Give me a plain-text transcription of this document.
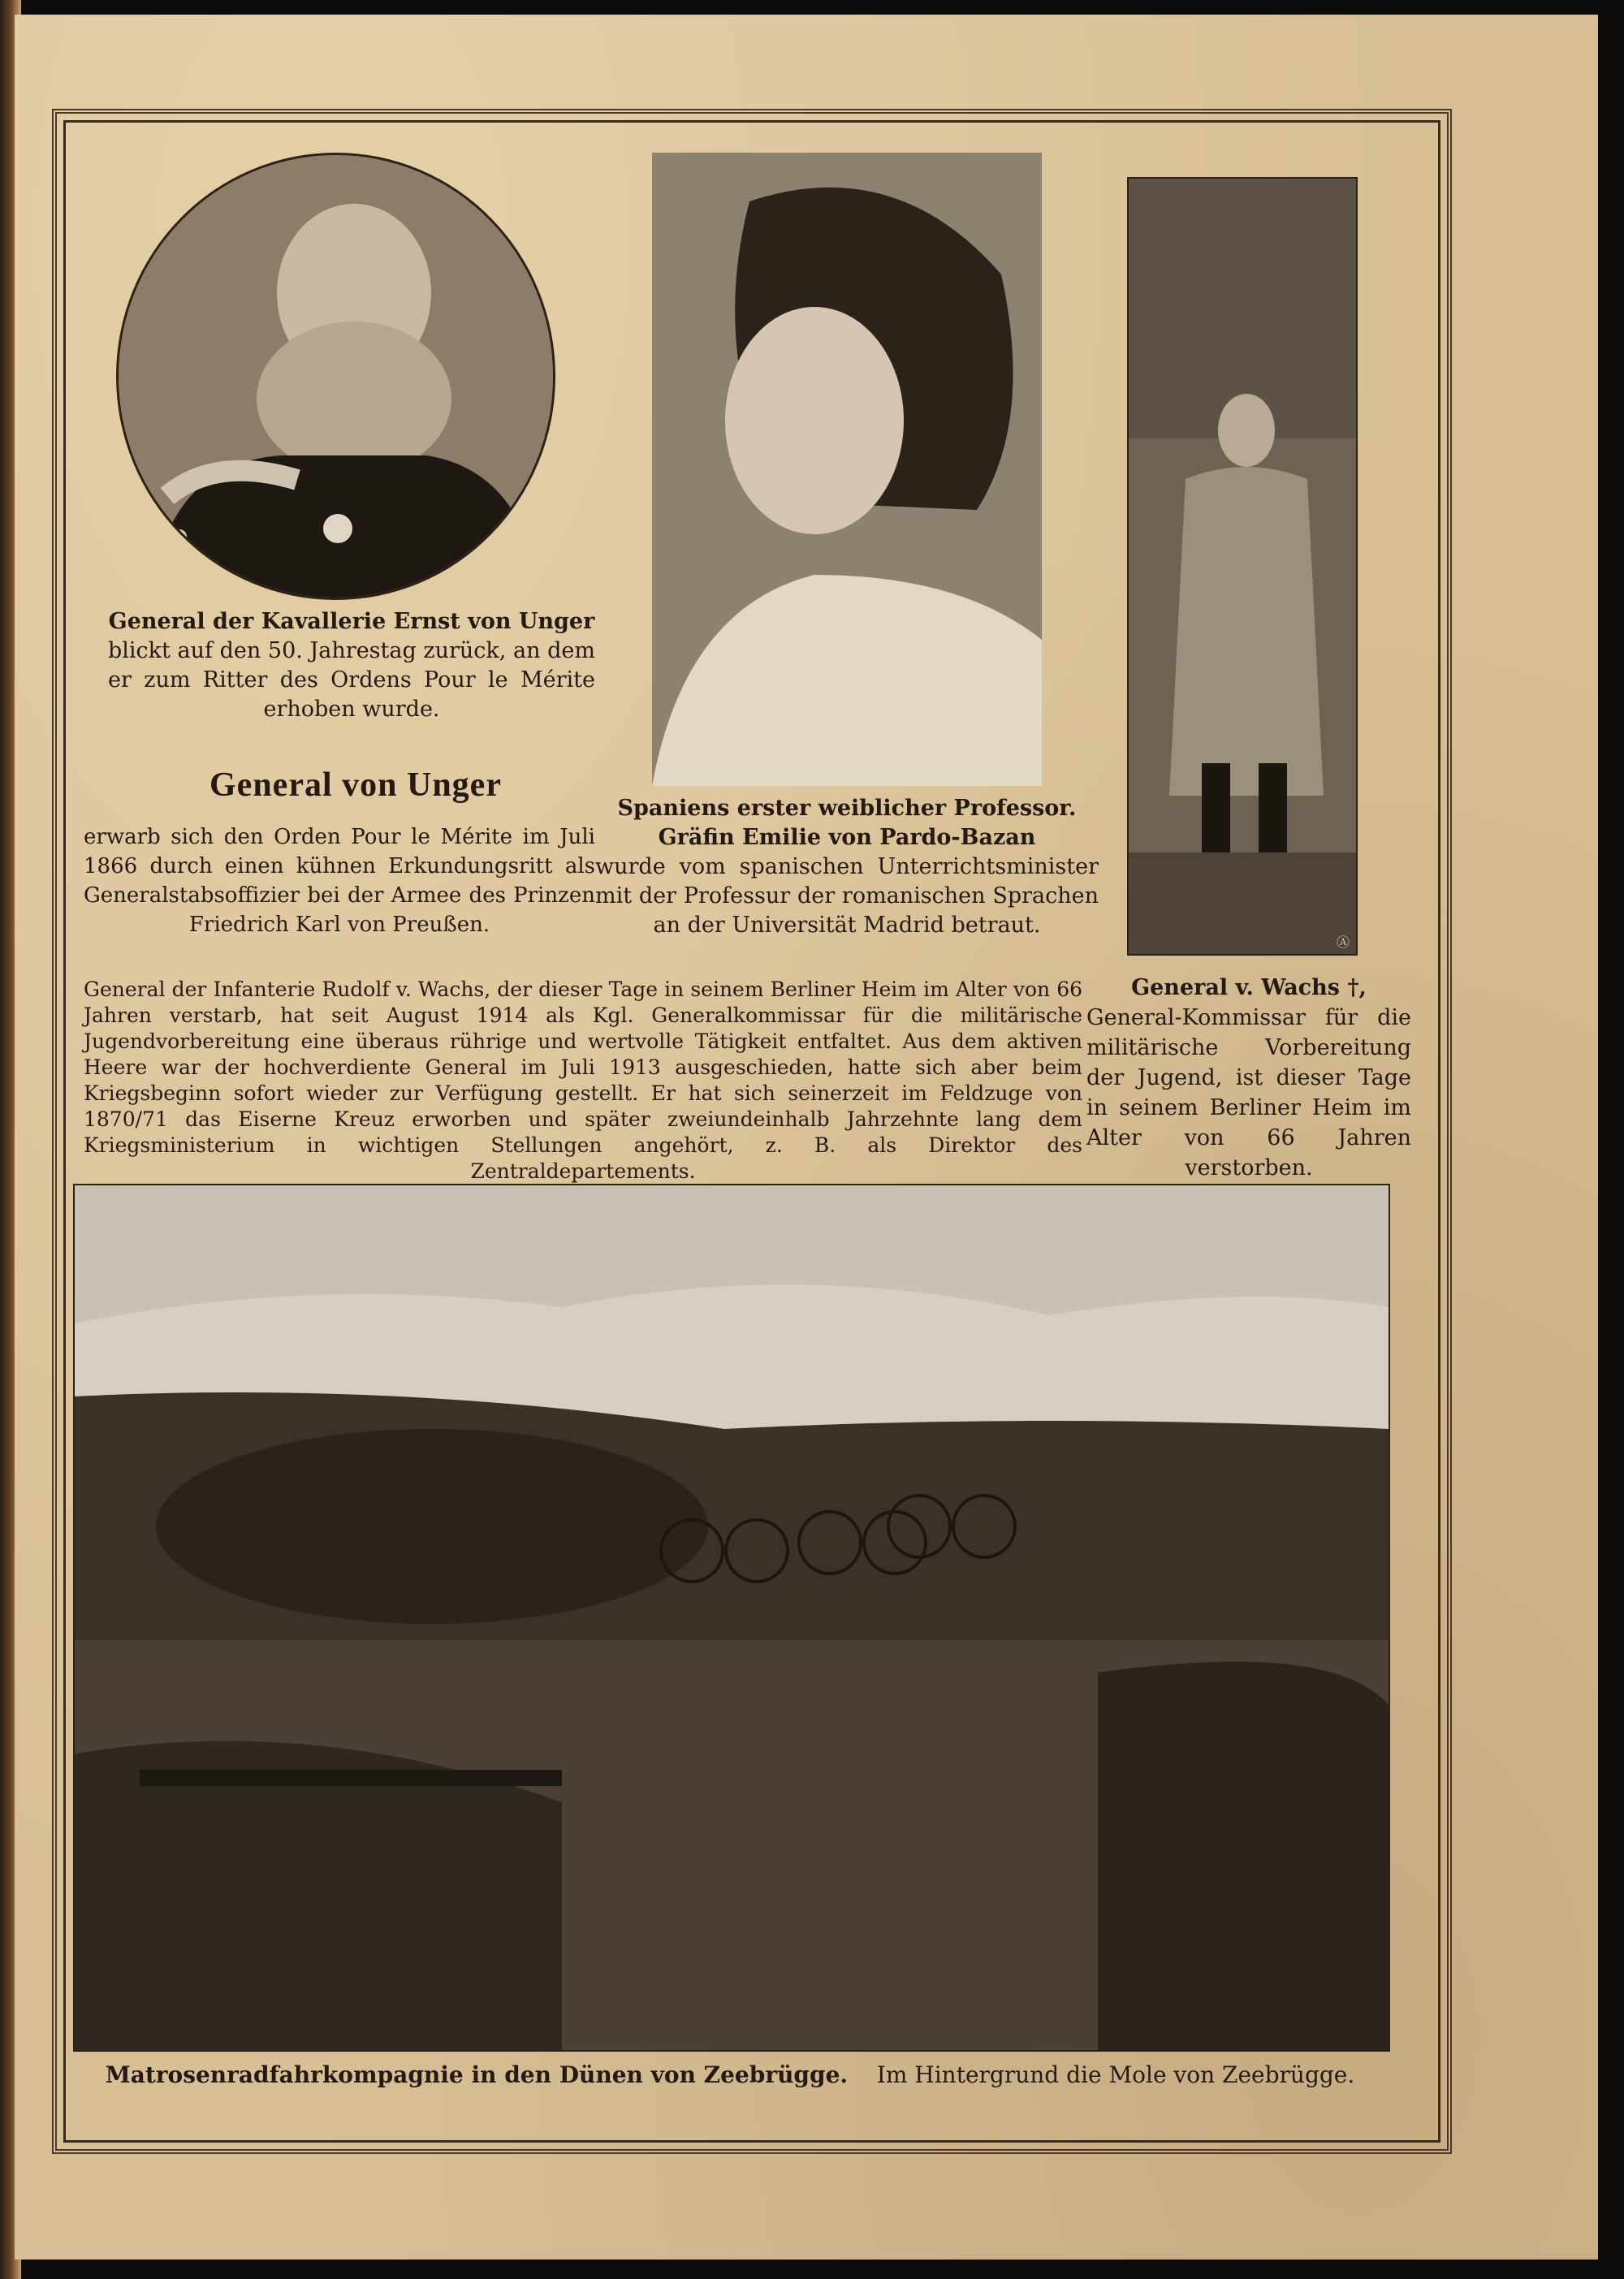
General der Kavallerie Ernst von Unger
blickt auf den 50. Jahrestag zurück, an dem er zum Ritter des Ordens Pour le Mérite erhoben wurde.
General von Unger
erwarb sich den Orden Pour le Mérite im Juli 1866 durch einen kühnen Erkundungsritt als Generalstabsoffizier bei der Armee des Prinzen Friedrich Karl von Preußen.
Spaniens erster weiblicher Professor.
Gräfin Emilie von Pardo-Bazan
wurde vom spanischen Unterrichtsminister mit der Professur der romanischen Sprachen an der Universität Madrid betraut.
Ⓐ
General der Infanterie Rudolf v. Wachs, der dieser Tage in seinem Berliner Heim im Alter von 66 Jahren verstarb, hat seit August 1914 als Kgl. Generalkommissar für die militärische Jugendvorbereitung eine überaus rührige und wertvolle Tätigkeit entfaltet. Aus dem aktiven Heere war der hochverdiente General im Juli 1913 ausgeschieden, hatte sich aber beim Kriegsbeginn sofort wieder zur Verfügung gestellt. Er hat sich seinerzeit im Feldzuge von 1870/71 das Eiserne Kreuz erworben und später zweiundeinhalb Jahrzehnte lang dem Kriegsministerium in wichtigen Stellungen angehört, z. B. als Direktor des Zentraldepartements.
General v. Wachs †,
General-Kommissar für die militärische Vorbereitung der Jugend, ist dieser Tage in seinem Berliner Heim im Alter von 66 Jahren verstorben.
Matrosenradfahrkompagnie in den Dünen von Zeebrügge. Im Hintergrund die Mole von Zeebrügge.
